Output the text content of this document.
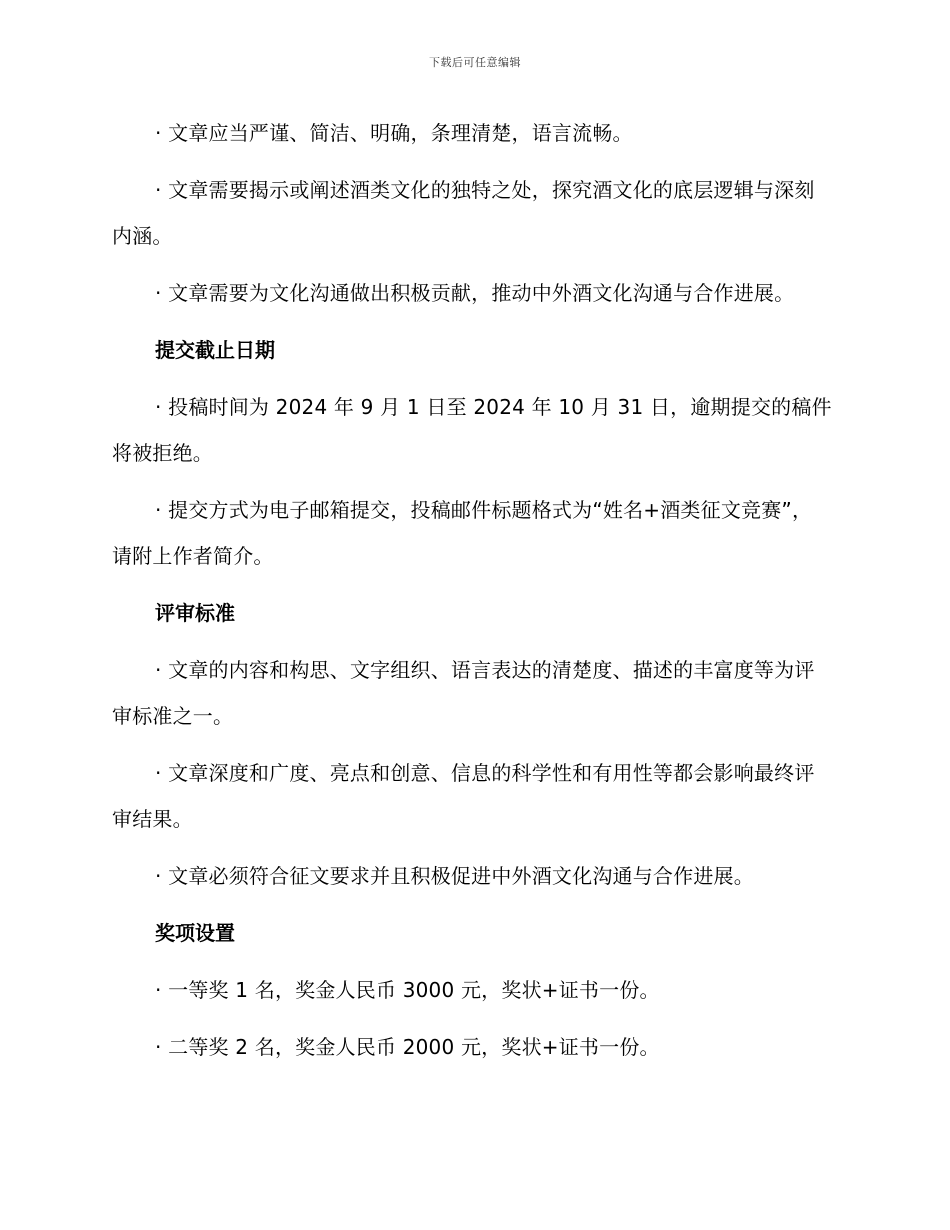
下载后可任意编辑

· 文章应当严谨、简洁、明确，条理清楚，语言流畅。

· 文章需要揭示或阐述酒类文化的独特之处，探究酒文化的底层逻辑与深刻内涵。

· 文章需要为文化沟通做出积极贡献，推动中外酒文化沟通与合作进展。

提交截止日期

· 投稿时间为 2024 年 9 月 1 日至 2024 年 10 月 31 日，逾期提交的稿件将被拒绝。

· 提交方式为电子邮箱提交，投稿邮件标题格式为“姓名+酒类征文竞赛”，请附上作者简介。

评审标准

· 文章的内容和构思、文字组织、语言表达的清楚度、描述的丰富度等为评审标准之一。

· 文章深度和广度、亮点和创意、信息的科学性和有用性等都会影响最终评审结果。

· 文章必须符合征文要求并且积极促进中外酒文化沟通与合作进展。

奖项设置

· 一等奖 1 名，奖金人民币 3000 元，奖状+证书一份。

· 二等奖 2 名，奖金人民币 2000 元，奖状+证书一份。
